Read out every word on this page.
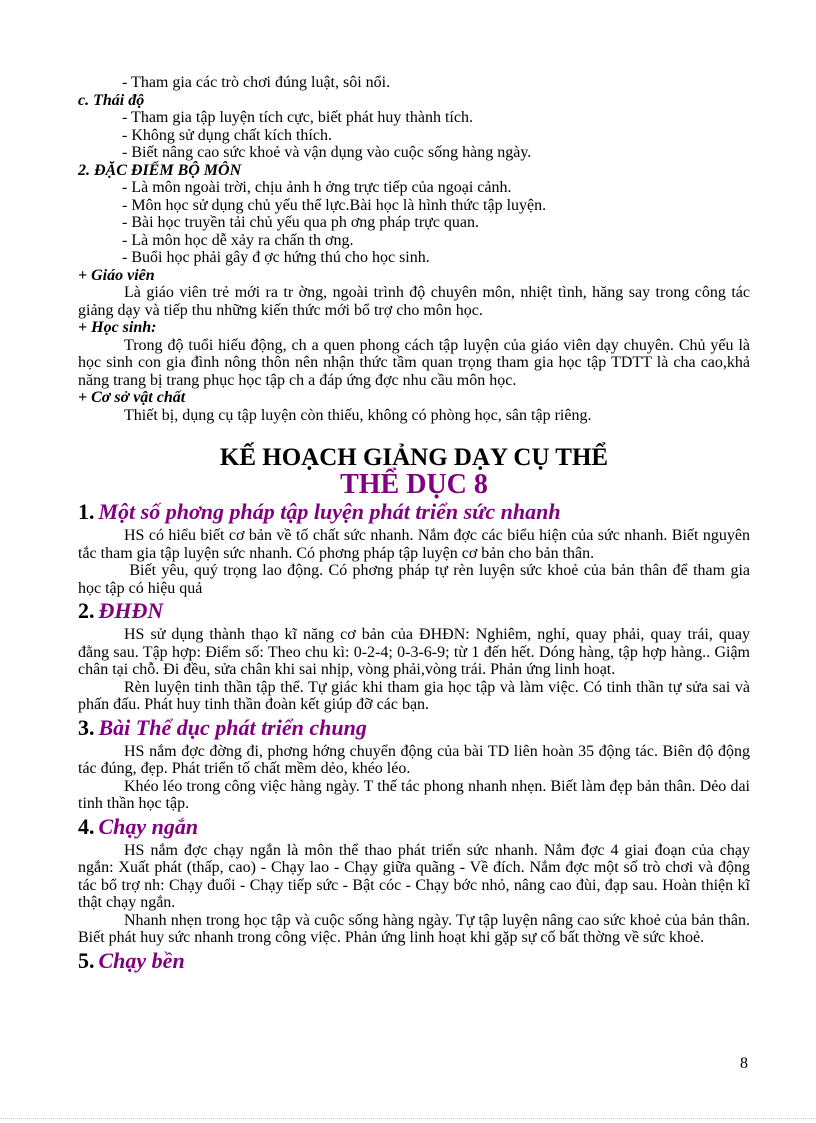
- Tham gia các trò chơi đúng luật, sôi nổi.

c. Thái độ

- Tham gia tập luyện tích cực, biết phát huy thành tích.

- Không sử dụng chất kích thích.

- Biết nâng cao sức khoẻ và vận dụng vào cuộc sống hàng ngày.

2. ĐẶC ĐIỂM BỘ MÔN

- Là môn ngoài trời, chịu ảnh h ởng trực tiếp của ngoại cảnh.

- Môn học sử dụng chủ yếu thể lực.Bài học là hình thức tập luyện.

- Bài học truyền tải chủ yếu qua ph ơng pháp trực quan.

- Là môn học dễ xảy ra chấn th ơng.

- Buổi học phải gây đ ợc hứng thú cho học sinh.

+ Giáo viên

Là giáo viên trẻ mới ra tr ờng, ngoài trình độ chuyên môn, nhiệt tình, hăng say trong công tác giảng dạy và tiếp thu những kiến thức mới bổ trợ cho môn học.

+ Học sinh:

Trong độ tuổi hiếu động, ch a quen phong cách tập luyện của giáo viên dạy chuyên. Chủ yếu là học sinh con gia đình nông thôn nên nhận thức tầm quan trọng tham gia học tập TDTT là cha cao,khả năng trang bị trang phục học tập ch a đáp ứng đợc nhu cầu môn học.

+ Cơ sở vật chất

Thiết bị, dụng cụ tập luyện còn thiếu, không có phòng học, sân tập riêng.

KẾ HOẠCH GIẢNG DẠY CỤ THỂ
THỂ DỤC 8
1. Một số phơng pháp tập luyện phát triển sức nhanh

HS có hiểu biết cơ bản về tố chất sức nhanh. Nắm đợc các biểu hiện của sức nhanh. Biết nguyên tắc tham gia tập luyện sức nhanh. Có phơng pháp tập luyện cơ bản cho bản thân.

Biết yêu, quý trọng lao động. Có phơng pháp tự rèn luyện sức khoẻ của bản thân để tham gia học tập có hiệu quả

2. ĐHĐN

HS sử dụng thành thạo kĩ năng cơ bản của ĐHĐN: Nghiêm, nghỉ, quay phải, quay trái, quay đằng sau. Tập hợp: Điểm số: Theo chu kì: 0-2-4; 0-3-6-9; từ 1 đến hết. Dóng hàng, tập hợp hàng.. Giậm chân tại chỗ. Đi đều, sửa chân khi sai nhịp, vòng phải,vòng trái. Phản ứng linh hoạt.

Rèn luyện tinh thần tập thể. Tự giác khi tham gia học tập và làm việc. Có tinh thần tự sửa sai và phấn đấu. Phát huy tinh thần đoàn kết giúp đỡ các bạn.

3. Bài Thể dục phát triển chung

HS nắm đợc đờng đi, phơng hớng chuyển động của bài TD liên hoàn 35 động tác. Biên độ động tác đúng, đẹp. Phát triển tố chất mềm dẻo, khéo léo.

Khéo léo trong công việc hàng ngày. T thế tác phong nhanh nhẹn. Biết làm đẹp bản thân. Dẻo dai tinh thần học tập.

4. Chạy ngắn

HS nắm đợc chạy ngắn là môn thể thao phát triển sức nhanh. Nắm đợc 4 giai đoạn của chạy ngắn: Xuất phát (thấp, cao) - Chạy lao - Chạy giữa quãng - Về đích. Nắm đợc một số trò chơi và động tác bổ trợ nh: Chạy đuổi - Chạy tiếp sức - Bật cóc - Chạy bớc nhỏ, nâng cao đùi, đạp sau. Hoàn thiện kĩ thật chạy ngắn.

Nhanh nhẹn trong học tập và cuộc sống hàng ngày. Tự tập luyện nâng cao sức khoẻ của bản thân. Biết phát huy sức nhanh trong công việc. Phản ứng linh hoạt khi gặp sự cố bất thờng về sức khoẻ.

5. Chạy bền
8
